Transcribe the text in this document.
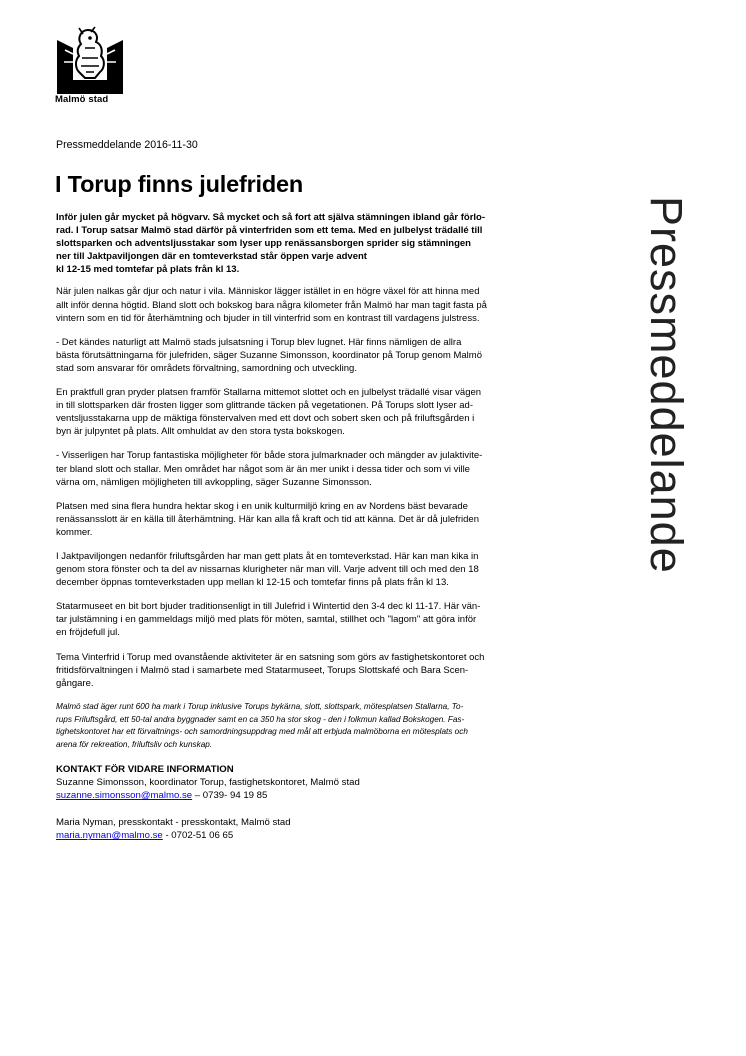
Malmö stad
Pressmeddelande 2016-11-30
I Torup finns julefriden

Inför julen går mycket på högvarv. Så mycket och så fort att själva stämningen ibland går förlo-
rad. I Torup satsar Malmö stad därför på vinterfriden som ett tema. Med en julbelyst trädallé till
slottsparken och adventsljusstakar som lyser upp renässansborgen sprider sig stämningen
ner till Jaktpaviljongen där en tomteverkstad står öppen varje advent
kl 12-15 med tomtefar på plats från kl 13.

När julen nalkas går djur och natur i vila. Människor lägger istället in en högre växel för att hinna med
allt inför denna högtid. Bland slott och bokskog bara några kilometer från Malmö har man tagit fasta på
vintern som en tid för återhämtning och bjuder in till vinterfrid som en kontrast till vardagens julstress.

- Det kändes naturligt att Malmö stads julsatsning i Torup blev lugnet. Här finns nämligen de allra
bästa förutsättningarna för julefriden, säger Suzanne Simonsson, koordinator på Torup genom Malmö
stad som ansvarar för områdets förvaltning, samordning och utveckling.

En praktfull gran pryder platsen framför Stallarna mittemot slottet och en julbelyst trädallé visar vägen
in till slottsparken där frosten ligger som glittrande täcken på vegetationen. På Torups slott lyser ad-
ventsljusstakarna upp de mäktiga fönstervalven med ett dovt och sobert sken och på friluftsgården i
byn är julpyntet på plats. Allt omhuldat av den stora tysta bokskogen.

- Visserligen har Torup fantastiska möjligheter för både stora julmarknader och mängder av julaktivite-
ter bland slott och stallar. Men området har något som är än mer unikt i dessa tider och som vi ville
värna om, nämligen möjligheten till avkoppling, säger Suzanne Simonsson.

Platsen med sina flera hundra hektar skog i en unik kulturmiljö kring en av Nordens bäst bevarade
renässansslott är en källa till återhämtning. Här kan alla få kraft och tid att känna. Det är då julefriden
kommer.

I Jaktpaviljongen nedanför friluftsgården har man gett plats åt en tomteverkstad. Här kan man kika in
genom stora fönster och ta del av nissarnas klurigheter när man vill. Varje advent till och med den 18
december öppnas tomteverkstaden upp mellan kl 12-15 och tomtefar finns på plats från kl 13.

Statarmuseet en bit bort bjuder traditionsenligt in till Julefrid i Wintertid den 3-4 dec kl 11-17. Här vän-
tar julstämning i en gammeldags miljö med plats för möten, samtal, stillhet och "lagom" att göra inför
en fröjdefull jul.

Tema Vinterfrid i Torup med ovanstående aktiviteter är en satsning som görs av fastighetskontoret och
fritidsförvaltningen i Malmö stad i samarbete med Statarmuseet, Torups Slottskafé och Bara Scen-
gångare.

Malmö stad äger runt 600 ha mark i Torup inklusive Torups bykärna, slott, slottspark, mötesplatsen Stallarna, To-
rups Friluftsgård, ett 50-tal andra byggnader samt en ca 350 ha stor skog - den i folkmun kallad Bokskogen. Fas-
tighetskontoret har ett förvaltnings- och samordningsuppdrag med mål att erbjuda malmöborna en mötesplats och
arena för rekreation, friluftsliv och kunskap.

KONTAKT FÖR VIDARE INFORMATION
Suzanne Simonsson, koordinator Torup, fastighetskontoret, Malmö stad
suzanne.simonsson@malmo.se – 0739- 94 19 85
Maria Nyman, presskontakt - presskontakt, Malmö stad
maria.nyman@malmo.se - 0702-51 06 65
Pressmeddelande
